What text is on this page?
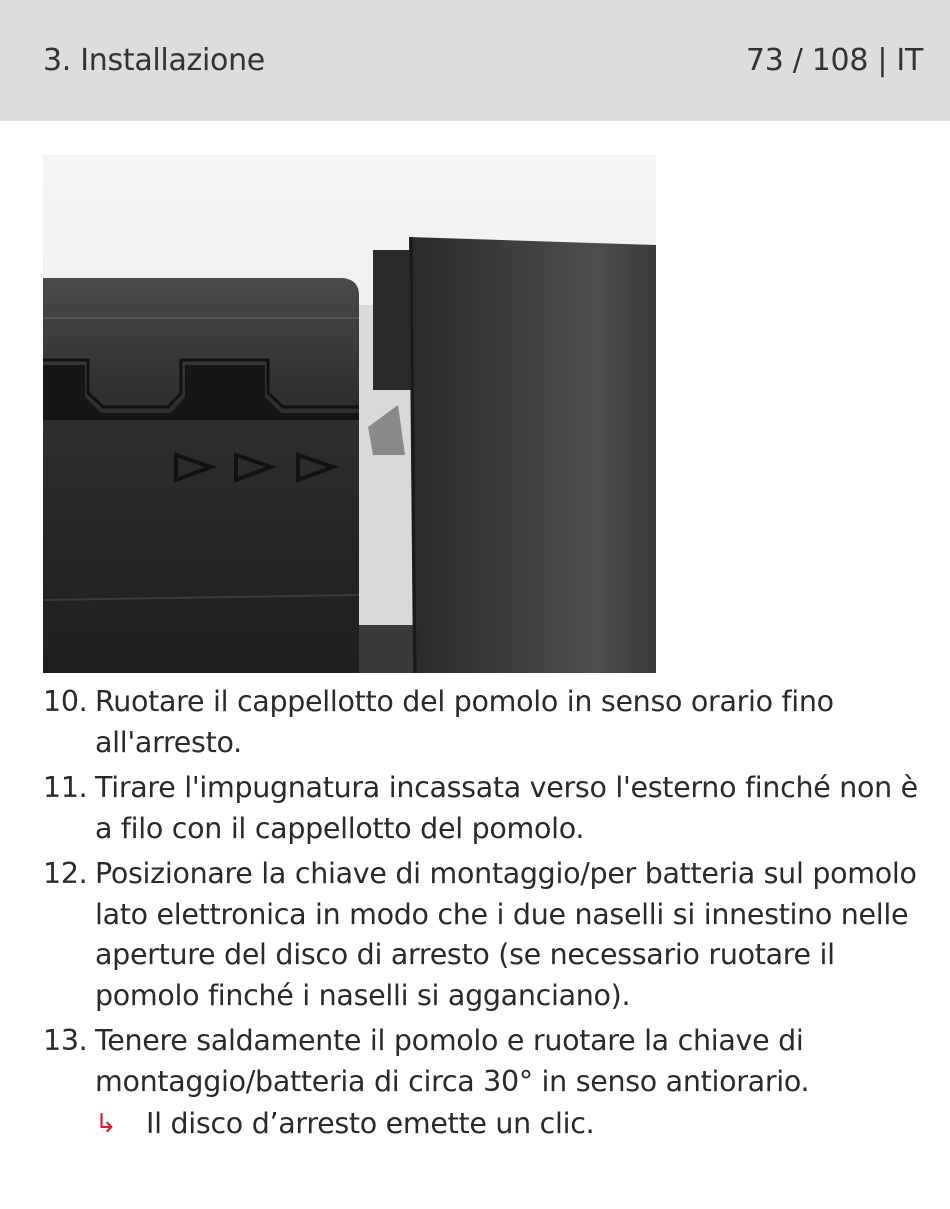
3. Installazione	73 / 108 | IT
10. Ruotare il cappellotto del pomolo in senso orario fino all'arresto.
11. Tirare l'impugnatura incassata verso l'esterno finché non è a filo con il cappellotto del pomolo.
12. Posizionare la chiave di montaggio/per batteria sul pomolo lato elettronica in modo che i due naselli si innestino nelle aperture del disco di arresto (se necessario ruotare il pomolo finché i naselli si agganciano).
13. Tenere saldamente il pomolo e ruotare la chiave di montaggio/batteria di circa 30° in senso antiorario.
↳	Il disco d’arresto emette un clic.
